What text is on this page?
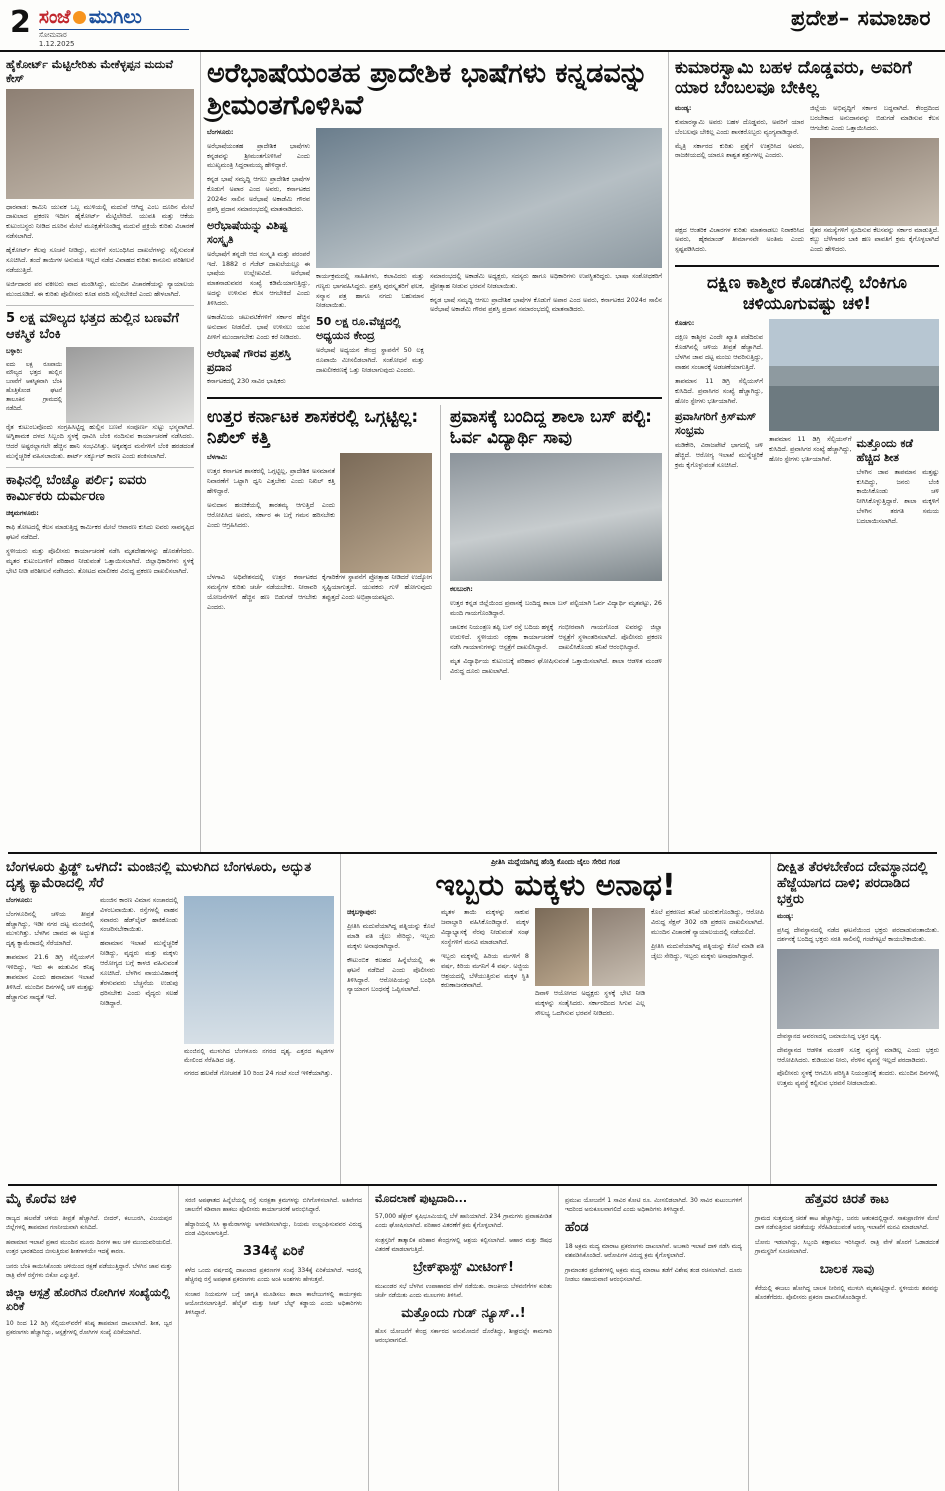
2 ಸಂಜೆ ಮುಗಿಲು
ಸೋಮವಾರ
1.12.2025
ಪ್ರದೇಶ– ಸಮಾಚಾರ
ಹೈಕೋರ್ಟ್ ಮೆಟ್ಟಿಲೇರಿತು ಮೇಕೆಳ್ಳಪ್ಪನ ಮದುವೆ ಕೇಸ್

ಧಾರವಾಡ: ಕಾಮಿನಿ ಯುವಕ ಒಬ್ಬ ಮುಳಿಯಲ್ಲಿ ಮದುವೆ ಆಗಿದ್ದ ಎಂಬ ದೂರಿನ ಮೇಲೆ ದಾಖಲಾದ ಪ್ರಕರಣ ಇದೀಗ ಹೈಕೋರ್ಟ್ ಮೆಟ್ಟಿಲೇರಿದೆ. ಯುವತಿ ಮತ್ತು ಆಕೆಯ ಕುಟುಂಬಸ್ಥರು ನೀಡಿದ ದೂರಿನ ಮೇಲೆ ಮೂಕ್ಷತೆಗೊಂಡಿದ್ದ ಮದುವೆ ಪ್ರಕ್ರಿಯೆ ಕುರಿತು ವಿಚಾರಣೆ ನಡೆಸಲಾಗಿದೆ.

ಹೈಕೋರ್ಟ್ ಕೆಲವು ಸೂಚನೆ ನೀಡಿದ್ದು, ಮುಳಿಗೆ ಸಂಬಂಧಿಸಿದ ದಾಖಲೆಗಳನ್ನು ಸಲ್ಲಿಸುವಂತೆ ಸೂಚಿಸಿದೆ. ತಂದೆ ತಾಯಿಗಳ ಅನುಮತಿ ಇಲ್ಲದೆ ನಡೆದ ವಿವಾಹದ ಕುರಿತು ಕಾನೂನು ಪರಿಶೀಲನೆ ನಡೆಯುತ್ತಿದೆ.

ಅರ್ಜಿದಾರರ ಪರ ವಕೀಲರು ವಾದ ಮಂಡಿಸಿದ್ದು, ಮುಂದಿನ ವಿಚಾರಣೆಯನ್ನು ನ್ಯಾಯಾಲಯ ಮುಂದೂಡಿದೆ. ಈ ಕುರಿತು ಪೊಲೀಸರು ಕೂಡ ವರದಿ ಸಲ್ಲಿಸಬೇಕಿದೆ ಎಂದು ಹೇಳಲಾಗಿದೆ.

5 ಲಕ್ಷ ಮೌಲ್ಯದ ಭತ್ತದ ಹುಲ್ಲಿನ ಬಣವೆಗೆ ಆಕಸ್ಮಿಕ ಬೆಂಕಿ

ಬಳ್ಳಾರಿ:

ಐದು ಲಕ್ಷ ರೂಪಾಯಿ ಮೌಲ್ಯದ ಭತ್ತದ ಹುಲ್ಲಿನ ಬಣವೆಗೆ ಆಕಸ್ಮಿಕವಾಗಿ ಬೆಂಕಿ ಹೊತ್ತಿಕೊಂಡ ಘಟನೆ ತಾಲೂಕಿನ ಗ್ರಾಮದಲ್ಲಿ ನಡೆದಿದೆ.

ರೈತ ಕುಟುಂಬವೊಂದು ಸಂಗ್ರಹಿಸಿಟ್ಟಿದ್ದ ಹುಲ್ಲಿನ ಬಣವೆ ಸಂಪೂರ್ಣ ಸುಟ್ಟು ಭಸ್ಮವಾಗಿದೆ. ಅಗ್ನಿಶಾಮಕ ದಳದ ಸಿಬ್ಬಂದಿ ಸ್ಥಳಕ್ಕೆ ಧಾವಿಸಿ ಬೆಂಕಿ ನಂದಿಸುವ ಕಾರ್ಯಾಚರಣೆ ನಡೆಸಿದರು. ಆದರೆ ಅಷ್ಟರಲ್ಲಾಗಲೇ ಹೆಚ್ಚಿನ ಹಾನಿ ಸಂಭವಿಸಿತ್ತು. ಅಕ್ಕಪಕ್ಕದ ಮನೆಗಳಿಗೆ ಬೆಂಕಿ ಹರಡದಂತೆ ಮುನ್ನೆಚ್ಚರಿಕೆ ವಹಿಸಲಾಯಿತು. ಶಾರ್ಟ್ ಸರ್ಕ್ಯೂಟ್ ಕಾರಣ ಎಂದು ಶಂಕಿಸಲಾಗಿದೆ.

ಕಾಫಿನಲ್ಲಿ ಬೆಂಚ್ಮೊ ಪರ್ಲಿ; ಐವರು ಕಾರ್ಮಿಕರು ದುರ್ಮರಣ

ಚಿಕ್ಕಮಗಳೂರು:

ಕಾಫಿ ತೋಟದಲ್ಲಿ ಕೆಲಸ ಮಾಡುತ್ತಿದ್ದ ಕಾರ್ಮಿಕರ ಮೇಲೆ ಆವಾರಣ ಕುಸಿದು ಐವರು ಸಾವನ್ನಪ್ಪಿದ ಘಟನೆ ನಡೆದಿದೆ.

ಸ್ಥಳೀಯರು ಮತ್ತು ಪೊಲೀಸರು ಕಾರ್ಯಾಚರಣೆ ನಡೆಸಿ ಮೃತದೇಹಗಳನ್ನು ಹೊರತೆಗೆದರು. ಮೃತರ ಕುಟುಂಬಗಳಿಗೆ ಪರಿಹಾರ ನೀಡುವಂತೆ ಒತ್ತಾಯಿಸಲಾಗಿದೆ. ಜಿಲ್ಲಾಧಿಕಾರಿಗಳು ಸ್ಥಳಕ್ಕೆ ಭೇಟಿ ನೀಡಿ ಪರಿಶೀಲನೆ ನಡೆಸಿದರು. ತೋಟದ ಮಾಲೀಕರ ವಿರುದ್ಧ ಪ್ರಕರಣ ದಾಖಲಿಸಲಾಗಿದೆ.

ಅರೆಭಾಷೆಯಂತಹ ಪ್ರಾದೇಶಿಕ ಭಾಷೆಗಳು ಕನ್ನಡವನ್ನು ಶ್ರೀಮಂತಗೊಳಿಸಿವೆ

ಬೆಂಗಳೂರು:

ಅರೆಭಾಷೆಯಂತಹ ಪ್ರಾದೇಶಿಕ ಭಾಷೆಗಳು ಕನ್ನಡವನ್ನು ಶ್ರೀಮಂತಗೊಳಿಸಿವೆ ಎಂದು ಮುಖ್ಯಮಂತ್ರಿ ಸಿದ್ದರಾಮಯ್ಯ ಹೇಳಿದ್ದಾರೆ.

ಕನ್ನಡ ಭಾಷೆ ಸಮೃದ್ಧಿ ಆಗಲು ಪ್ರಾದೇಶಿಕ ಭಾಷೆಗಳ ಕೊಡುಗೆ ಅಪಾರ ಎಂದ ಅವರು, ಕರ್ನಾಟಕದ 2024ರ ಸಾಲಿನ ಅರೆಭಾಷೆ ಅಕಾಡೆಮಿ ಗೌರವ ಪ್ರಶಸ್ತಿ ಪ್ರದಾನ ಸಮಾರಂಭದಲ್ಲಿ ಮಾತನಾಡಿದರು.

ಅರೆಭಾಷೆಯನ್ನು ವಿಶಿಷ್ಟ ಸಂಸ್ಕೃತಿ

ಅರೆಭಾಷೆಗೆ ತನ್ನದೇ ಆದ ಸಂಸ್ಕೃತಿ ಮತ್ತು ಪರಂಪರೆ ಇದೆ. 1882 ರ ಗೆಜೆಟ್ ದಾಖಲೆಯಲ್ಲೂ ಈ ಭಾಷೆಯ ಉಲ್ಲೇಖವಿದೆ. ಅರೆಭಾಷೆ ಮಾತನಾಡುವವರ ಸಂಖ್ಯೆ ಕಡಿಮೆಯಾಗುತ್ತಿದ್ದು, ಅದನ್ನು ಉಳಿಸುವ ಕೆಲಸ ಆಗಬೇಕಿದೆ ಎಂದು ತಿಳಿಸಿದರು.

ಅಕಾಡೆಮಿಯ ಚಟುವಟಿಕೆಗಳಿಗೆ ಸರ್ಕಾರ ಹೆಚ್ಚಿನ ಅನುದಾನ ನೀಡಲಿದೆ. ಭಾಷೆ ಉಳಿಸಲು ಯುವ ಪೀಳಿಗೆ ಮುಂದಾಗಬೇಕು ಎಂದು ಕರೆ ನೀಡಿದರು.

ಅರೆಭಾಷೆ ಗೌರವ ಪ್ರಶಸ್ತಿ ಪ್ರದಾನ

ಕರ್ನಾಟಕದಲ್ಲಿ 230 ಸಾವಿರ ಭಾಷಿಕರು

ಕಾರ್ಯಕ್ರಮದಲ್ಲಿ ಸಾಹಿತಿಗಳು, ಕಲಾವಿದರು ಮತ್ತು ಗಣ್ಯರು ಭಾಗವಹಿಸಿದ್ದರು. ಪ್ರಶಸ್ತಿ ಪುರಸ್ಕೃತರಿಗೆ ಫಲಕ, ಸನ್ಮಾನ ಪತ್ರ ಹಾಗೂ ನಗದು ಬಹುಮಾನ ನೀಡಲಾಯಿತು.

50 ಲಕ್ಷ ರೂ.ವೆಚ್ಚದಲ್ಲಿ ಅಧ್ಯಯನ ಕೇಂದ್ರ

ಅರೆಭಾಷೆ ಅಧ್ಯಯನ ಕೇಂದ್ರ ಸ್ಥಾಪನೆಗೆ 50 ಲಕ್ಷ ರೂಪಾಯಿ ಮೀಸಲಿಡಲಾಗಿದೆ. ಸಂಶೋಧನೆ ಮತ್ತು ದಾಖಲೀಕರಣಕ್ಕೆ ಒತ್ತು ನೀಡಲಾಗುವುದು ಎಂದರು.

ಸಮಾರಂಭದಲ್ಲಿ ಅಕಾಡೆಮಿ ಅಧ್ಯಕ್ಷರು, ಸದಸ್ಯರು ಹಾಗೂ ಅಧಿಕಾರಿಗಳು ಉಪಸ್ಥಿತರಿದ್ದರು. ಭಾಷಾ ಸಂಶೋಧಕರಿಗೆ ಪ್ರೋತ್ಸಾಹ ನೀಡುವ ಭರವಸೆ ನೀಡಲಾಯಿತು.

ಕನ್ನಡ ಭಾಷೆ ಸಮೃದ್ಧಿ ಆಗಲು ಪ್ರಾದೇಶಿಕ ಭಾಷೆಗಳ ಕೊಡುಗೆ ಅಪಾರ ಎಂದ ಅವರು, ಕರ್ನಾಟಕದ 2024ರ ಸಾಲಿನ ಅರೆಭಾಷೆ ಅಕಾಡೆಮಿ ಗೌರವ ಪ್ರಶಸ್ತಿ ಪ್ರದಾನ ಸಮಾರಂಭದಲ್ಲಿ ಮಾತನಾಡಿದರು.

ಉತ್ತರ ಕರ್ನಾಟಕ ಶಾಸಕರಲ್ಲಿ ಒಗ್ಗಟ್ಟಿಲ್ಲ: ನಿಖಿಲ್ ಕತ್ತಿ

ಬೆಳಗಾವಿ:

ಉತ್ತರ ಕರ್ನಾಟಕ ಶಾಸಕರಲ್ಲಿ ಒಗ್ಗಟ್ಟಿಲ್ಲ, ಪ್ರಾದೇಶಿಕ ಅಸಮಾನತೆ ನಿವಾರಣೆಗೆ ಒಟ್ಟಾಗಿ ಧ್ವನಿ ಎತ್ತಬೇಕು ಎಂದು ನಿಖಿಲ್ ಕತ್ತಿ ಹೇಳಿದ್ದಾರೆ.

ಅನುದಾನ ಹಂಚಿಕೆಯಲ್ಲಿ ತಾರತಮ್ಯ ಆಗುತ್ತಿದೆ ಎಂದು ಆರೋಪಿಸಿದ ಅವರು, ಸರ್ಕಾರ ಈ ಬಗ್ಗೆ ಗಮನ ಹರಿಸಬೇಕು ಎಂದು ಆಗ್ರಹಿಸಿದರು.

ಬೆಳಗಾವಿ ಅಧಿವೇಶನದಲ್ಲಿ ಉತ್ತರ ಕರ್ನಾಟಕದ ಸಮಸ್ಯೆಗಳ ಕುರಿತು ಚರ್ಚೆ ನಡೆಯಬೇಕು. ನೀರಾವರಿ ಯೋಜನೆಗಳಿಗೆ ಹೆಚ್ಚಿನ ಹಣ ಬಿಡುಗಡೆ ಆಗಬೇಕು ಎಂದರು.

ಕೈಗಾರಿಕೆಗಳ ಸ್ಥಾಪನೆಗೆ ಪ್ರೋತ್ಸಾಹ ನೀಡಿದರೆ ಉದ್ಯೋಗ ಸೃಷ್ಟಿಯಾಗುತ್ತದೆ. ಯುವಕರು ಗುಳೆ ಹೋಗುವುದು ತಪ್ಪುತ್ತದೆ ಎಂದು ಅಭಿಪ್ರಾಯಪಟ್ಟರು.

ಪ್ರವಾಸಕ್ಕೆ ಬಂದಿದ್ದ ಶಾಲಾ ಬಸ್ ಪಲ್ಟಿ: ಓರ್ವ ವಿದ್ಯಾರ್ಥಿ ಸಾವು

ಕಲಬುರಗಿ:

ಉತ್ತರ ಕನ್ನಡ ಜಿಲ್ಲೆಯಿಂದ ಪ್ರವಾಸಕ್ಕೆ ಬಂದಿದ್ದ ಶಾಲಾ ಬಸ್ ಪಲ್ಟಿಯಾಗಿ ಓರ್ವ ವಿದ್ಯಾರ್ಥಿ ಮೃತಪಟ್ಟು, 26 ಮಂದಿ ಗಾಯಗೊಂಡಿದ್ದಾರೆ.

ಚಾಲಕನ ನಿಯಂತ್ರಣ ತಪ್ಪಿ ಬಸ್ ರಸ್ತೆ ಬದಿಯ ಹಳ್ಳಕ್ಕೆ ಉರುಳಿದೆ. ಸ್ಥಳೀಯರು ರಕ್ಷಣಾ ಕಾರ್ಯಾಚರಣೆ ನಡೆಸಿ ಗಾಯಾಳುಗಳನ್ನು ಆಸ್ಪತ್ರೆಗೆ ದಾಖಲಿಸಿದ್ದಾರೆ.

ಗಂಭೀರವಾಗಿ ಗಾಯಗೊಂಡ ಐವರನ್ನು ಜಿಲ್ಲಾ ಆಸ್ಪತ್ರೆಗೆ ಸ್ಥಳಾಂತರಿಸಲಾಗಿದೆ. ಪೊಲೀಸರು ಪ್ರಕರಣ ದಾಖಲಿಸಿಕೊಂಡು ತನಿಖೆ ಆರಂಭಿಸಿದ್ದಾರೆ.

ಮೃತ ವಿದ್ಯಾರ್ಥಿಯ ಕುಟುಂಬಕ್ಕೆ ಪರಿಹಾರ ಘೋಷಿಸುವಂತೆ ಒತ್ತಾಯಿಸಲಾಗಿದೆ. ಶಾಲಾ ಆಡಳಿತ ಮಂಡಳಿ ವಿರುದ್ಧ ದೂರು ದಾಖಲಾಗಿದೆ.

ಕುಮಾರಸ್ವಾಮಿ ಬಹಳ ದೊಡ್ಡವರು, ಅವರಿಗೆ ಯಾರ ಬೆಂಬಲವೂ ಬೇಕಿಲ್ಲ

ಮಂಡ್ಯ:

ಕುಮಾರಸ್ವಾಮಿ ಅವರು ಬಹಳ ದೊಡ್ಡವರು, ಅವರಿಗೆ ಯಾರ ಬೆಂಬಲವೂ ಬೇಕಿಲ್ಲ ಎಂದು ಶಾಸಕರೊಬ್ಬರು ವ್ಯಂಗ್ಯವಾಡಿದ್ದಾರೆ.

ಮೈತ್ರಿ ಸರ್ಕಾರದ ಕುರಿತು ಪ್ರಶ್ನೆಗೆ ಉತ್ತರಿಸಿದ ಅವರು, ರಾಜಕೀಯದಲ್ಲಿ ಯಾರೂ ಶಾಶ್ವತ ಶತ್ರುಗಳಲ್ಲ ಎಂದರು.

ಜಿಲ್ಲೆಯ ಅಭಿವೃದ್ಧಿಗೆ ಸರ್ಕಾರ ಬದ್ಧವಾಗಿದೆ. ಕೇಂದ್ರದಿಂದ ಬರಬೇಕಾದ ಅನುದಾನವನ್ನು ಬಿಡುಗಡೆ ಮಾಡಿಸುವ ಕೆಲಸ ಆಗಬೇಕು ಎಂದು ಒತ್ತಾಯಿಸಿದರು.

ಪಕ್ಷದ ಆಂತರಿಕ ವಿಚಾರಗಳ ಕುರಿತು ಮಾತನಾಡಲು ನಿರಾಕರಿಸಿದ ಅವರು, ಹೈಕಮಾಂಡ್ ತೀರ್ಮಾನವೇ ಅಂತಿಮ ಎಂದು ಸ್ಪಷ್ಟಪಡಿಸಿದರು.

ರೈತರ ಸಮಸ್ಯೆಗಳಿಗೆ ಸ್ಪಂದಿಸುವ ಕೆಲಸವನ್ನು ಸರ್ಕಾರ ಮಾಡುತ್ತಿದೆ. ಕಬ್ಬು ಬೆಳೆಗಾರರ ಬಾಕಿ ಹಣ ಪಾವತಿಗೆ ಕ್ರಮ ಕೈಗೊಳ್ಳಲಾಗಿದೆ ಎಂದು ಹೇಳಿದರು.

ದಕ್ಷಿಣ ಕಾಶ್ಮೀರ ಕೊಡಗಿನಲ್ಲಿ ಬೆಂಕಿಗೂ ಚಳಿಯೂಗುವಷ್ಟು ಚಳಿ!

ಕೊಡಗು:

ದಕ್ಷಿಣ ಕಾಶ್ಮೀರ ಎಂದೇ ಖ್ಯಾತಿ ಪಡೆದಿರುವ ಕೊಡಗಿನಲ್ಲಿ ಚಳಿಯ ತೀವ್ರತೆ ಹೆಚ್ಚಾಗಿದೆ. ಬೆಳಗಿನ ಜಾವ ದಟ್ಟ ಮಂಜು ಆವರಿಸುತ್ತಿದ್ದು, ವಾಹನ ಸಂಚಾರಕ್ಕೆ ಅಡಚಣೆಯಾಗುತ್ತಿದೆ.

ತಾಪಮಾನ 11 ಡಿಗ್ರಿ ಸೆಲ್ಸಿಯಸ್‌ಗೆ ಕುಸಿದಿದೆ. ಪ್ರವಾಸಿಗರ ಸಂಖ್ಯೆ ಹೆಚ್ಚಾಗಿದ್ದು, ಹೋಂ ಸ್ಟೇಗಳು ಭರ್ತಿಯಾಗಿವೆ.

ಪ್ರವಾಸಿಗರಿಗೆ ಕ್ರಿಸ್‌ಮಸ್ ಸಂಭ್ರಮ

ಮಡಿಕೇರಿ, ವಿರಾಜಪೇಟೆ ಭಾಗದಲ್ಲಿ ಚಳಿ ಹೆಚ್ಚಿದೆ. ಆರೋಗ್ಯ ಇಲಾಖೆ ಮುನ್ನೆಚ್ಚರಿಕೆ ಕ್ರಮ ಕೈಗೊಳ್ಳುವಂತೆ ಸೂಚಿಸಿದೆ.

ತಾಪಮಾನ 11 ಡಿಗ್ರಿ ಸೆಲ್ಸಿಯಸ್‌ಗೆ ಕುಸಿದಿದೆ. ಪ್ರವಾಸಿಗರ ಸಂಖ್ಯೆ ಹೆಚ್ಚಾಗಿದ್ದು, ಹೋಂ ಸ್ಟೇಗಳು ಭರ್ತಿಯಾಗಿವೆ.

ಮತ್ತೊಂದು ಕಡೆ ಹೆಚ್ಚಿದ ಶೀತ

ಬೆಳಗಿನ ಜಾವ ತಾಪಮಾನ ಮತ್ತಷ್ಟು ಕುಸಿದಿದ್ದು, ಜನರು ಬೆಂಕಿ ಕಾಯಿಸಿಕೊಂಡು ಚಳಿ ನೀಗಿಸಿಕೊಳ್ಳುತ್ತಿದ್ದಾರೆ. ಶಾಲಾ ಮಕ್ಕಳಿಗೆ ಬೆಳಗಿನ ತರಗತಿ ಸಮಯ ಬದಲಾಯಿಸಲಾಗಿದೆ.

ಬೆಂಗಳೂರು ಫ್ರಿಡ್ಜ್ ಒಳಗಿದೆ: ಮಂಜಿನಲ್ಲಿ ಮುಳುಗಿದ ಬೆಂಗಳೂರು, ಅದ್ಭುತ ದೃಶ್ಯ ಕ್ಯಾಮೆರಾದಲ್ಲಿ ಸೆರೆ

ಬೆಂಗಳೂರು:

ಬೆಂಗಳೂರಿನಲ್ಲಿ ಚಳಿಯ ತೀವ್ರತೆ ಹೆಚ್ಚಾಗಿದ್ದು, ಇಡೀ ನಗರ ದಟ್ಟ ಮಂಜಿನಲ್ಲಿ ಮುಳುಗಿತ್ತು. ಬೆಳಗಿನ ಜಾವದ ಈ ಅದ್ಭುತ ದೃಶ್ಯ ಕ್ಯಾಮೆರಾದಲ್ಲಿ ಸೆರೆಯಾಗಿದೆ.

ತಾಪಮಾನ 21.6 ಡಿಗ್ರಿ ಸೆಲ್ಸಿಯಸ್‌ಗೆ ಇಳಿದಿದ್ದು, ಇದು ಈ ಋತುವಿನ ಕನಿಷ್ಠ ತಾಪಮಾನ ಎಂದು ಹವಾಮಾನ ಇಲಾಖೆ ತಿಳಿಸಿದೆ. ಮುಂದಿನ ದಿನಗಳಲ್ಲಿ ಚಳಿ ಮತ್ತಷ್ಟು ಹೆಚ್ಚಾಗುವ ಸಾಧ್ಯತೆ ಇದೆ.

ಮಂಜಿನ ಕಾರಣ ವಿಮಾನ ಸಂಚಾರದಲ್ಲಿ ವಿಳಂಬವಾಯಿತು. ರಸ್ತೆಗಳಲ್ಲಿ ವಾಹನ ಸವಾರರು ಹೆಡ್‌ಲೈಟ್ ಹಾಕಿಕೊಂಡು ಸಂಚರಿಸಬೇಕಾಯಿತು.

ಹವಾಮಾನ ಇಲಾಖೆ ಮುನ್ನೆಚ್ಚರಿಕೆ ನೀಡಿದ್ದು, ವೃದ್ಧರು ಮತ್ತು ಮಕ್ಕಳು ಆರೋಗ್ಯದ ಬಗ್ಗೆ ಕಾಳಜಿ ವಹಿಸುವಂತೆ ಸೂಚಿಸಿದೆ. ಬೆಳಗಿನ ವಾಯುವಿಹಾರಕ್ಕೆ ತೆರಳುವವರು ಬೆಚ್ಚನೆಯ ಉಡುಪು ಧರಿಸಬೇಕು ಎಂದು ವೈದ್ಯರು ಸಲಹೆ ನೀಡಿದ್ದಾರೆ.

ಮಂಜಿನಲ್ಲಿ ಮುಳುಗಿದ ಬೆಂಗಳೂರು ನಗರದ ದೃಶ್ಯ. ಎತ್ತರದ ಕಟ್ಟಡಗಳ ಮೇಲಿಂದ ಸೆರೆಹಿಡಿದ ಚಿತ್ರ.

ನಗರದ ಹಲವೆಡೆ ಗೋಚರತೆ 10 ರಿಂದ 24 ಗಂಟೆ ಸಂಜೆ ಇಳಿಕೆಯಾಗಿತ್ತು.

ಪ್ರೀತಿಸಿ ಮದ್ದೆಯಾಗಿದ್ದ ಹೆಂಡ್ತಿ ಕೊಂದು ಜೈಲು ಸೇರಿದ ಗಂಡ
ಇಬ್ಬರು ಮಕ್ಕಳು ಅನಾಥ!

ಚಿಕ್ಕಬಳ್ಳಾಪುರ:

ಪ್ರೀತಿಸಿ ಮದುವೆಯಾಗಿದ್ದ ಪತ್ನಿಯನ್ನು ಕೊಲೆ ಮಾಡಿ ಪತಿ ಜೈಲು ಸೇರಿದ್ದು, ಇಬ್ಬರು ಮಕ್ಕಳು ಅನಾಥರಾಗಿದ್ದಾರೆ.

ಕೌಟುಂಬಿಕ ಕಲಹದ ಹಿನ್ನೆಲೆಯಲ್ಲಿ ಈ ಘಟನೆ ನಡೆದಿದೆ ಎಂದು ಪೊಲೀಸರು ತಿಳಿಸಿದ್ದಾರೆ. ಆರೋಪಿಯನ್ನು ಬಂಧಿಸಿ ನ್ಯಾಯಾಂಗ ಬಂಧನಕ್ಕೆ ಒಪ್ಪಿಸಲಾಗಿದೆ.

ಮೃತಳ ತಾಯಿ ಮಕ್ಕಳನ್ನು ಸಾಕುವ ಜವಾಬ್ದಾರಿ ವಹಿಸಿಕೊಂಡಿದ್ದಾರೆ. ಮಕ್ಕಳ ವಿದ್ಯಾಭ್ಯಾಸಕ್ಕೆ ನೆರವು ನೀಡುವಂತೆ ಸಂಘ ಸಂಸ್ಥೆಗಳಿಗೆ ಮನವಿ ಮಾಡಲಾಗಿದೆ.

ಇಬ್ಬರು ಮಕ್ಕಳಲ್ಲಿ ಹಿರಿಯ ಮಗಳಿಗೆ 8 ವರ್ಷ, ಕಿರಿಯ ಮಗನಿಗೆ 4 ವರ್ಷ. ಅಜ್ಜಿಯ ಆಶ್ರಯದಲ್ಲಿ ಬೆಳೆಯುತ್ತಿರುವ ಮಕ್ಕಳ ಸ್ಥಿತಿ ಕರುಣಾಜನಕವಾಗಿದೆ.

ದಿವಾಳಿ ಆಯೋಗದ ಅಧ್ಯಕ್ಷರು ಸ್ಥಳಕ್ಕೆ ಭೇಟಿ ನೀಡಿ ಮಕ್ಕಳನ್ನು ಸಂತೈಸಿದರು. ಸರ್ಕಾರದಿಂದ ಸಿಗುವ ಎಲ್ಲ ಸೌಲಭ್ಯ ಒದಗಿಸುವ ಭರವಸೆ ನೀಡಿದರು.

ಕೊಲೆ ಪ್ರಕರಣದ ತನಿಖೆ ಚುರುಕುಗೊಂಡಿದ್ದು, ಆರೋಪಿ ವಿರುದ್ಧ ಸೆಕ್ಷನ್ 302 ರಡಿ ಪ್ರಕರಣ ದಾಖಲಿಸಲಾಗಿದೆ. ಮುಂದಿನ ವಿಚಾರಣೆ ನ್ಯಾಯಾಲಯದಲ್ಲಿ ನಡೆಯಲಿದೆ.

ಪ್ರೀತಿಸಿ ಮದುವೆಯಾಗಿದ್ದ ಪತ್ನಿಯನ್ನು ಕೊಲೆ ಮಾಡಿ ಪತಿ ಜೈಲು ಸೇರಿದ್ದು, ಇಬ್ಬರು ಮಕ್ಕಳು ಅನಾಥರಾಗಿದ್ದಾರೆ.

ದೀಕ್ಷಿತ ತೆರಳಬೇಕೆಂದ ದೇವಸ್ಥಾನದಲ್ಲಿ ಹೆಜ್ಜೆಯಾಗದ ದಾಳಿ; ಪರದಾಡಿದ ಭಕ್ತರು

ಮಂಡ್ಯ:

ಪ್ರಸಿದ್ಧ ದೇವಸ್ಥಾನದಲ್ಲಿ ನಡೆದ ಘಟನೆಯಿಂದ ಭಕ್ತರು ಪರದಾಡುವಂತಾಯಿತು. ದರ್ಶನಕ್ಕೆ ಬಂದಿದ್ದ ಭಕ್ತರು ಸರತಿ ಸಾಲಿನಲ್ಲಿ ಗಂಟೆಗಟ್ಟಲೆ ಕಾಯಬೇಕಾಯಿತು.

ದೇವಸ್ಥಾನದ ಆವರಣದಲ್ಲಿ ಜಮಾಯಿಸಿದ್ದ ಭಕ್ತರ ದೃಶ್ಯ.

ದೇವಸ್ಥಾನದ ಆಡಳಿತ ಮಂಡಳಿ ಸೂಕ್ತ ವ್ಯವಸ್ಥೆ ಮಾಡಿಲ್ಲ ಎಂದು ಭಕ್ತರು ಆರೋಪಿಸಿದರು. ಕುಡಿಯುವ ನೀರು, ನೆರಳಿನ ವ್ಯವಸ್ಥೆ ಇಲ್ಲದೆ ಪರದಾಡಿದರು.

ಪೊಲೀಸರು ಸ್ಥಳಕ್ಕೆ ಆಗಮಿಸಿ ಪರಿಸ್ಥಿತಿ ನಿಯಂತ್ರಣಕ್ಕೆ ತಂದರು. ಮುಂದಿನ ದಿನಗಳಲ್ಲಿ ಉತ್ತಮ ವ್ಯವಸ್ಥೆ ಕಲ್ಪಿಸುವ ಭರವಸೆ ನೀಡಲಾಯಿತು.

ಮೈ ಕೊರೆವ ಚಳಿ

ರಾಜ್ಯದ ಹಲವೆಡೆ ಚಳಿಯ ತೀವ್ರತೆ ಹೆಚ್ಚಾಗಿದೆ. ಬೀದರ್, ಕಲಬುರಗಿ, ವಿಜಯಪುರ ಜಿಲ್ಲೆಗಳಲ್ಲಿ ತಾಪಮಾನ ಗಣನೀಯವಾಗಿ ಕುಸಿದಿದೆ.

ಹವಾಮಾನ ಇಲಾಖೆ ಪ್ರಕಾರ ಮುಂದಿನ ಮೂರು ದಿನಗಳ ಕಾಲ ಚಳಿ ಮುಂದುವರಿಯಲಿದೆ. ಉತ್ತರ ಭಾರತದಿಂದ ಬೀಸುತ್ತಿರುವ ಶೀತಗಾಳಿಯೇ ಇದಕ್ಕೆ ಕಾರಣ.

ಜನರು ಬೆಂಕಿ ಕಾಯಿಸಿಕೊಂಡು ಚಳಿಯಿಂದ ರಕ್ಷಣೆ ಪಡೆಯುತ್ತಿದ್ದಾರೆ. ಬೆಳಗಿನ ಜಾವ ಮತ್ತು ರಾತ್ರಿ ವೇಳೆ ರಸ್ತೆಗಳು ಬಿಕೋ ಎನ್ನುತ್ತಿವೆ.

ಜಿಲ್ಲಾ ಆಸ್ಪತ್ರೆ ಹೊರಗಿನ ರೋಗಿಗಳ ಸಂಖ್ಯೆಯಲ್ಲಿ ಏರಿಕೆ

10 ರಿಂದ 12 ಡಿಗ್ರಿ ಸೆಲ್ಸಿಯಸ್‌ವರೆಗೆ ಕನಿಷ್ಠ ತಾಪಮಾನ ದಾಖಲಾಗಿದೆ. ಶೀತ, ಜ್ವರ ಪ್ರಕರಣಗಳು ಹೆಚ್ಚಾಗಿದ್ದು, ಆಸ್ಪತ್ರೆಗಳಲ್ಲಿ ರೋಗಿಗಳ ಸಂಖ್ಯೆ ಏರಿಕೆಯಾಗಿದೆ.

ಸರಣಿ ಅಪಘಾತದ ಹಿನ್ನೆಲೆಯಲ್ಲಿ ರಸ್ತೆ ಸುರಕ್ಷತಾ ಕ್ರಮಗಳನ್ನು ಬಿಗಿಗೊಳಿಸಲಾಗಿದೆ. ಅತಿವೇಗದ ಚಾಲನೆಗೆ ಕಡಿವಾಣ ಹಾಕಲು ಪೊಲೀಸರು ಕಾರ್ಯಾಚರಣೆ ಆರಂಭಿಸಿದ್ದಾರೆ.

ಹೆದ್ದಾರಿಯಲ್ಲಿ ಸಿಸಿ ಕ್ಯಾಮೆರಾಗಳನ್ನು ಅಳವಡಿಸಲಾಗಿದ್ದು, ನಿಯಮ ಉಲ್ಲಂಘಿಸುವವರ ವಿರುದ್ಧ ದಂಡ ವಿಧಿಸಲಾಗುತ್ತಿದೆ.

334ಕ್ಕೆ ಏರಿಕೆ

ಕಳೆದ ಒಂದು ವರ್ಷದಲ್ಲಿ ದಾಖಲಾದ ಪ್ರಕರಣಗಳ ಸಂಖ್ಯೆ 334ಕ್ಕೆ ಏರಿಕೆಯಾಗಿದೆ. ಇದರಲ್ಲಿ ಹೆಚ್ಚಿನವು ರಸ್ತೆ ಅಪಘಾತ ಪ್ರಕರಣಗಳು ಎಂದು ಅಂಕಿ ಅಂಶಗಳು ಹೇಳುತ್ತವೆ.

ಸಂಚಾರ ನಿಯಮಗಳ ಬಗ್ಗೆ ಜಾಗೃತಿ ಮೂಡಿಸಲು ಶಾಲಾ ಕಾಲೇಜುಗಳಲ್ಲಿ ಕಾರ್ಯಕ್ರಮ ಆಯೋಜಿಸಲಾಗುತ್ತಿದೆ. ಹೆಲ್ಮೆಟ್ ಮತ್ತು ಸೀಟ್ ಬೆಲ್ಟ್ ಕಡ್ಡಾಯ ಎಂದು ಅಧಿಕಾರಿಗಳು ತಿಳಿಸಿದ್ದಾರೆ.

ಮೊದಲಾಣೆ ಪುಟ್ಟದಾದಿ...

57,000 ಹೆಕ್ಟೇರ್ ಕೃಷಿಭೂಮಿಯಲ್ಲಿ ಬೆಳೆ ಹಾನಿಯಾಗಿದೆ. 234 ಗ್ರಾಮಗಳು ಪ್ರವಾಹಪೀಡಿತ ಎಂದು ಘೋಷಿಸಲಾಗಿದೆ. ಪರಿಹಾರ ವಿತರಣೆಗೆ ಕ್ರಮ ಕೈಗೊಳ್ಳಲಾಗಿದೆ.

ಸಂತ್ರಸ್ತರಿಗೆ ತಾತ್ಕಾಲಿಕ ಪರಿಹಾರ ಕೇಂದ್ರಗಳಲ್ಲಿ ಆಶ್ರಯ ಕಲ್ಪಿಸಲಾಗಿದೆ. ಆಹಾರ ಮತ್ತು ಔಷಧ ವಿತರಣೆ ಮಾಡಲಾಗುತ್ತಿದೆ.

ಬ್ರೇಕ್‌ಫಾಸ್ಟ್ ಮೀಟಿಂಗ್!

ಮುಖಂಡರ ಸಭೆ ಬೆಳಗಿನ ಉಪಾಹಾರದ ವೇಳೆ ನಡೆಯಿತು. ರಾಜಕೀಯ ಬೆಳವಣಿಗೆಗಳ ಕುರಿತು ಚರ್ಚೆ ನಡೆಯಿತು ಎಂದು ಮೂಲಗಳು ತಿಳಿಸಿವೆ.

ಮತ್ತೊಂದು ಗುಡ್ ನ್ಯೂಸ್..!

ಹೊಸ ಯೋಜನೆಗೆ ಕೇಂದ್ರ ಸರ್ಕಾರದ ಅನುಮೋದನೆ ದೊರೆತಿದ್ದು, ಶೀಘ್ರದಲ್ಲೇ ಕಾಮಗಾರಿ ಆರಂಭವಾಗಲಿದೆ.

ಪ್ರಮುಖ ಯೋಜನೆಗೆ 1 ಸಾವಿರ ಕೋಟಿ ರೂ. ಮೀಸಲಿಡಲಾಗಿದೆ. 30 ಸಾವಿರ ಕುಟುಂಬಗಳಿಗೆ ಇದರಿಂದ ಅನುಕೂಲವಾಗಲಿದೆ ಎಂದು ಅಧಿಕಾರಿಗಳು ತಿಳಿಸಿದ್ದಾರೆ.

ಹೆಂಡ

18 ಅಕ್ರಮ ಮದ್ಯ ಮಾರಾಟ ಪ್ರಕರಣಗಳು ದಾಖಲಾಗಿವೆ. ಅಬಕಾರಿ ಇಲಾಖೆ ದಾಳಿ ನಡೆಸಿ ಮದ್ಯ ವಶಪಡಿಸಿಕೊಂಡಿದೆ. ಆರೋಪಿಗಳ ವಿರುದ್ಧ ಕ್ರಮ ಕೈಗೊಳ್ಳಲಾಗಿದೆ.

ಗ್ರಾಮಾಂತರ ಪ್ರದೇಶಗಳಲ್ಲಿ ಅಕ್ರಮ ಮದ್ಯ ಮಾರಾಟ ತಡೆಗೆ ವಿಶೇಷ ತಂಡ ರಚಿಸಲಾಗಿದೆ. ದೂರು ನೀಡಲು ಸಹಾಯವಾಣಿ ಆರಂಭಿಸಲಾಗಿದೆ.

ಹೆತ್ತವರ ಚಿರತೆ ಕಾಟ

ಗ್ರಾಮದ ಸುತ್ತಮುತ್ತ ಚಿರತೆ ಕಾಟ ಹೆಚ್ಚಾಗಿದ್ದು, ಜನರು ಆತಂಕದಲ್ಲಿದ್ದಾರೆ. ಸಾಕುಪ್ರಾಣಿಗಳ ಮೇಲೆ ದಾಳಿ ನಡೆಸುತ್ತಿರುವ ಚಿರತೆಯನ್ನು ಸೆರೆಹಿಡಿಯುವಂತೆ ಅರಣ್ಯ ಇಲಾಖೆಗೆ ಮನವಿ ಮಾಡಲಾಗಿದೆ.

ಬೋನು ಇಡಲಾಗಿದ್ದು, ಸಿಬ್ಬಂದಿ ಕಣ್ಗಾವಲು ಇರಿಸಿದ್ದಾರೆ. ರಾತ್ರಿ ವೇಳೆ ಹೊರಗೆ ಓಡಾಡದಂತೆ ಗ್ರಾಮಸ್ಥರಿಗೆ ಸೂಚಿಸಲಾಗಿದೆ.

ಬಾಲಕ ಸಾವು

ಕೆರೆಯಲ್ಲಿ ಈಜಲು ಹೋಗಿದ್ದ ಬಾಲಕ ನೀರಿನಲ್ಲಿ ಮುಳುಗಿ ಮೃತಪಟ್ಟಿದ್ದಾನೆ. ಸ್ಥಳೀಯರು ಶವವನ್ನು ಹೊರತೆಗೆದರು. ಪೊಲೀಸರು ಪ್ರಕರಣ ದಾಖಲಿಸಿಕೊಂಡಿದ್ದಾರೆ.
